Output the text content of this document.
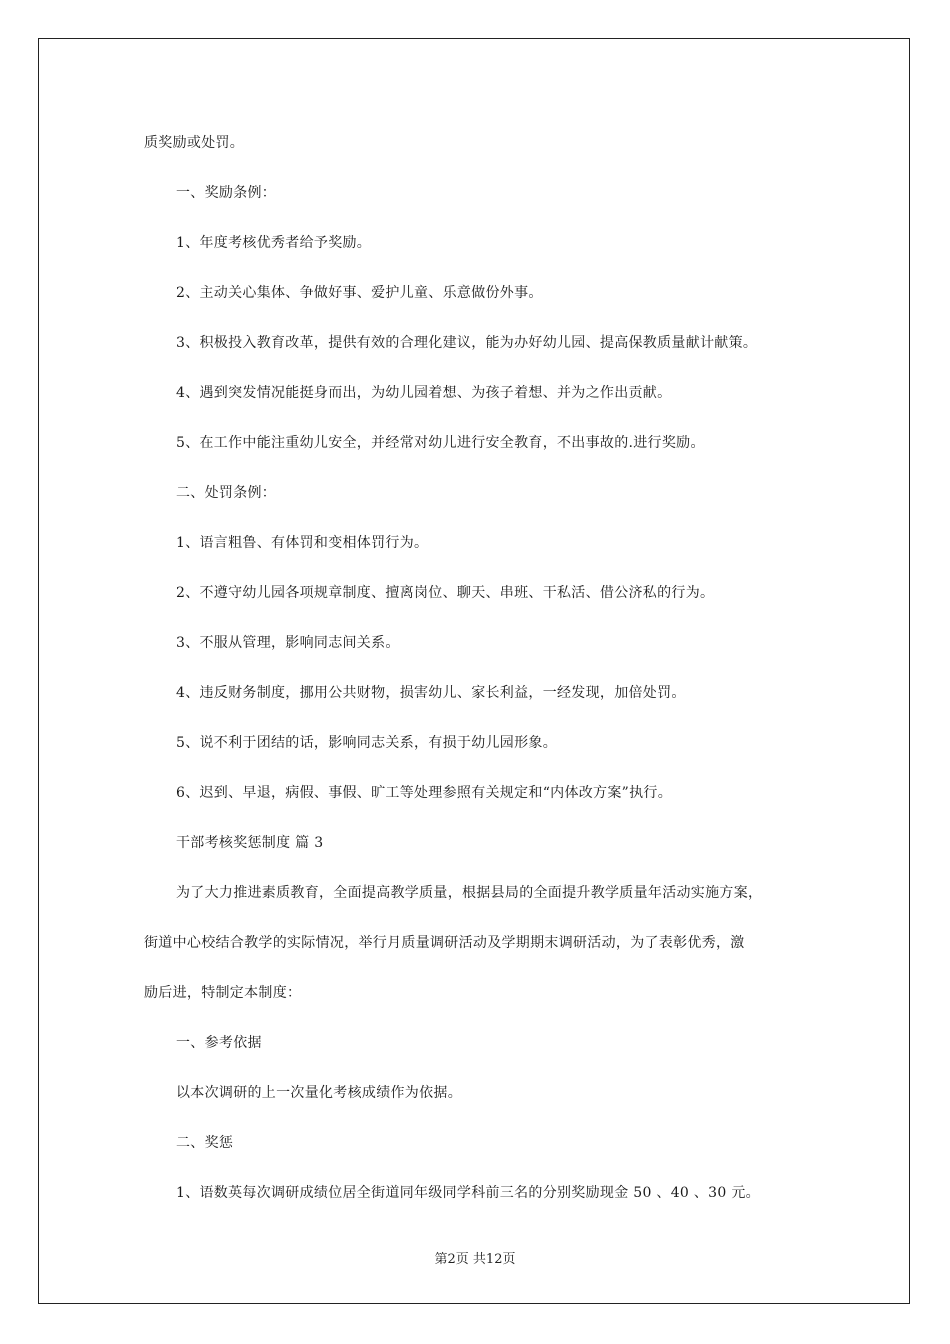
质奖励或处罚。
一、奖励条例：
1、年度考核优秀者给予奖励。
2、主动关心集体、争做好事、爱护儿童、乐意做份外事。
3、积极投入教育改革，提供有效的合理化建议，能为办好幼儿园、提高保教质量献计献策。
4、遇到突发情况能挺身而出，为幼儿园着想、为孩子着想、并为之作出贡献。
5、在工作中能注重幼儿安全，并经常对幼儿进行安全教育，不出事故的.进行奖励。
二、处罚条例：
1、语言粗鲁、有体罚和变相体罚行为。
2、不遵守幼儿园各项规章制度、擅离岗位、聊天、串班、干私活、借公济私的行为。
3、不服从管理，影响同志间关系。
4、违反财务制度，挪用公共财物，损害幼儿、家长利益，一经发现，加倍处罚。
5、说不利于团结的话，影响同志关系，有损于幼儿园形象。
6、迟到、早退，病假、事假、旷工等处理参照有关规定和“内体改方案”执行。
干部考核奖惩制度 篇 3
为了大力推进素质教育，全面提高教学质量，根据县局的全面提升教学质量年活动实施方案，
街道中心校结合教学的实际情况，举行月质量调研活动及学期期末调研活动，为了表彰优秀，激
励后进，特制定本制度：
一、参考依据
以本次调研的上一次量化考核成绩作为依据。
二、奖惩
1、语数英每次调研成绩位居全街道同年级同学科前三名的分别奖励现金 50 、40 、30 元。
第2页 共12页
